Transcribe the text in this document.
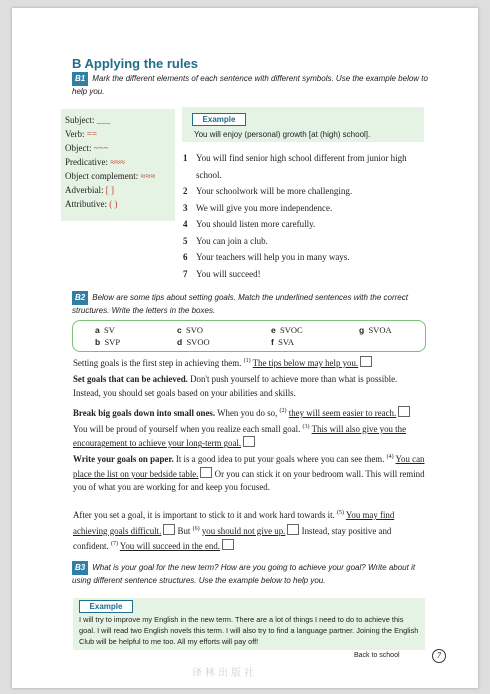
B Applying the rules
B1 Mark the different elements of each sentence with different symbols. Use the example below to help you.
Subject: ___
Verb: ==
Object: ~~~
Predicative: ≈≈≈
Object complement: ≈≈≈
Adverbial: [ ]
Attributive: ( )
Example
You will enjoy (personal) growth [at (high) school].
1 You will find senior high school different from junior high school.
2 Your schoolwork will be more challenging.
3 We will give you more independence.
4 You should listen more carefully.
5 You can join a club.
6 Your teachers will help you in many ways.
7 You will succeed!
B2 Below are some tips about setting goals. Match the underlined sentences with the correct structures. Write the letters in the boxes.
a SV
b SVP
c SVO
d SVOO
e SVOC
f SVA
g SVOA
Setting goals is the first step in achieving them. $^{(1)}$ The tips below may help you.
Set goals that can be achieved. Don't push yourself to achieve more than what is possible. Instead, you should set goals based on your abilities and skills.
Break big goals down into small ones. When you do so, $^{(2)}$ they will seem easier to reach. You will be proud of yourself when you realize each small goal. $^{(3)}$ This will also give you the encouragement to achieve your long-term goal.
Write your goals on paper. It is a good idea to put your goals where you can see them. $^{(4)}$ You can place the list on your bedside table. Or you can stick it on your bedroom wall. This will remind you of what you are working for and keep you focused.
After you set a goal, it is important to stick to it and work hard towards it. $^{(5)}$ You may find achieving goals difficult. But $^{(6)}$ you should not give up. Instead, stay positive and confident. $^{(7)}$ You will succeed in the end.
B3 What is your goal for the new term? How are you going to achieve your goal? Write about it using different sentence structures. Use the example below to help you.
Example
I will try to improve my English in the new term. There are a lot of things I need to do to achieve this goal. I will read two English novels this term. I will also try to find a language partner. Joining the English Club will be helpful to me too. All my efforts will pay off!
Back to school	7
译林出版社
